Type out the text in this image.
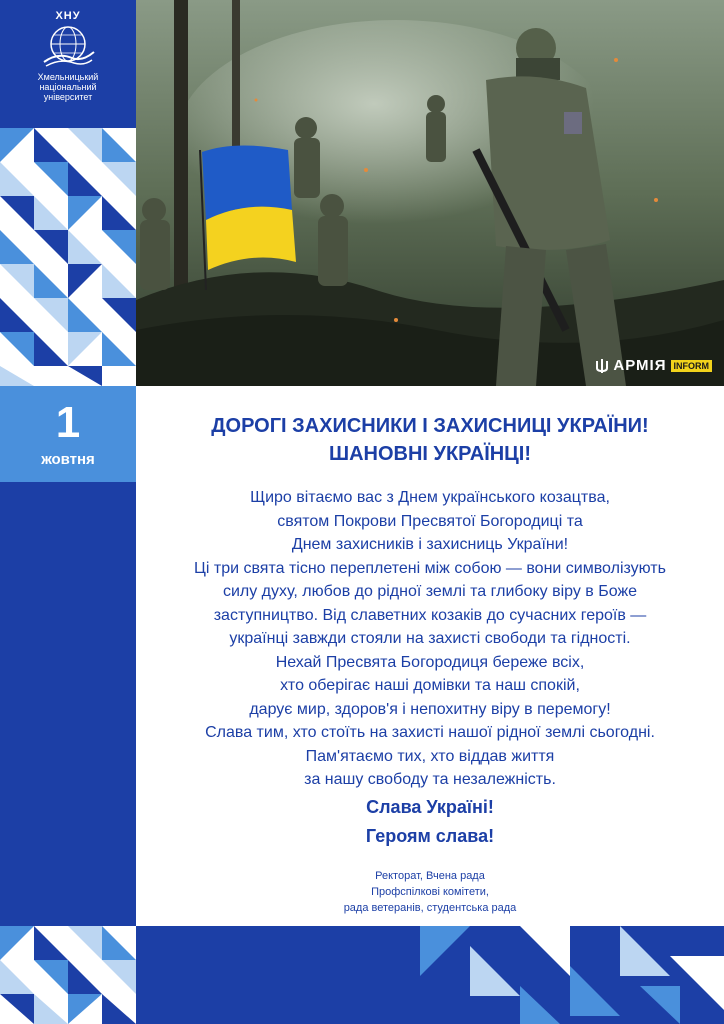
ХНУ
Хмельницький
національний
університет
1
жовтня
АРМІЯ INFORM
ДОРОГІ ЗАХИСНИКИ І ЗАХИСНИЦІ УКРАЇНИ!
ШАНОВНІ УКРАЇНЦІ!
Щиро вітаємо вас з Днем українського козацтва,
святом Покрови Пресвятої Богородиці та
Днем захисників і захисниць України!
Ці три свята тісно переплетені між собою — вони символізують
силу духу, любов до рідної землі та глибоку віру в Боже
заступництво. Від славетних козаків до сучасних героїв —
українці завжди стояли на захисті свободи та гідності.
Нехай Пресвята Богородиця береже всіх,
хто оберігає наші домівки та наш спокій,
дарує мир, здоров'я і непохитну віру в перемогу!
Слава тим, хто стоїть на захисті нашої рідної землі сьогодні.
Пам'ятаємо тих, хто віддав життя
за нашу свободу та незалежність.
Слава Україні!
Героям слава!
Ректорат, Вчена рада
Профспілкові комітети,
рада ветеранів, студентська рада
